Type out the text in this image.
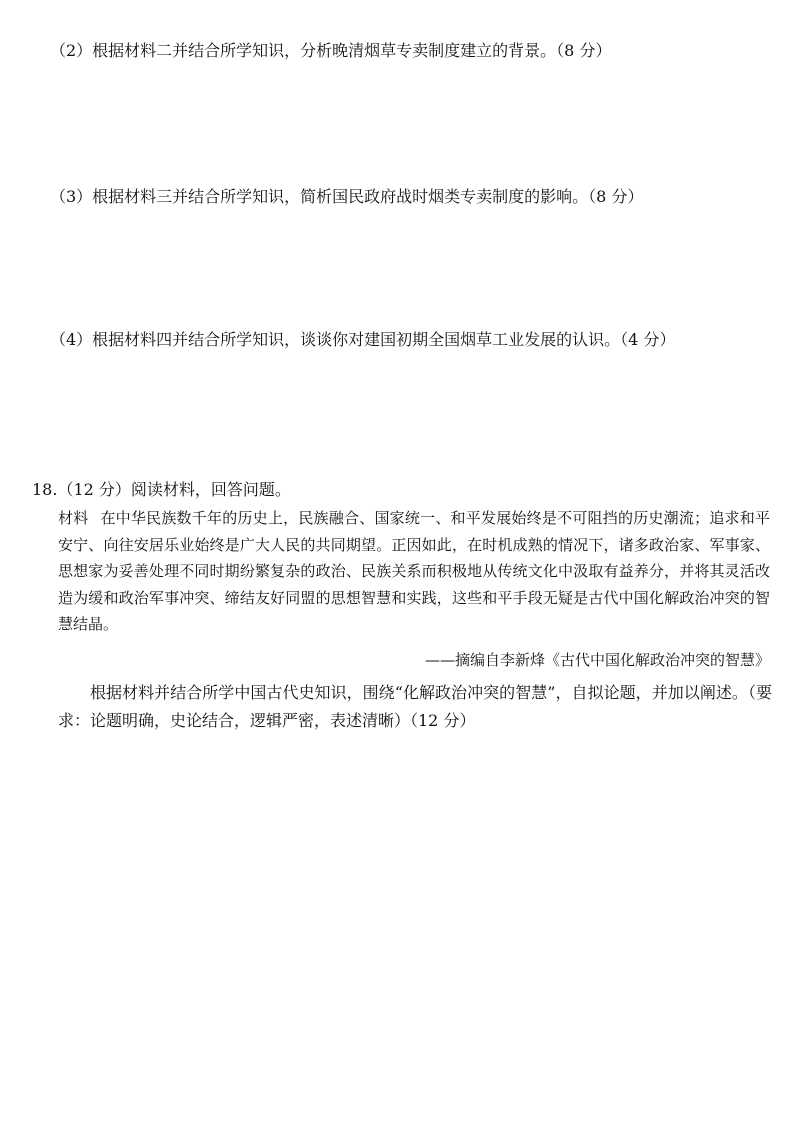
（2）根据材料二并结合所学知识，分析晚清烟草专卖制度建立的背景。（8 分）
（3）根据材料三并结合所学知识，简析国民政府战时烟类专卖制度的影响。（8 分）
（4）根据材料四并结合所学知识，谈谈你对建国初期全国烟草工业发展的认识。（4 分）
18.（12 分）阅读材料，回答问题。
材料 在中华民族数千年的历史上，民族融合、国家统一、和平发展始终是不可阻挡的历史潮流；追求和平安宁、向往安居乐业始终是广大人民的共同期望。正因如此，在时机成熟的情况下，诸多政治家、军事家、思想家为妥善处理不同时期纷繁复杂的政治、民族关系而积极地从传统文化中汲取有益养分，并将其灵活改造为缓和政治军事冲突、缔结友好同盟的思想智慧和实践，这些和平手段无疑是古代中国化解政治冲突的智慧结晶。
——摘编自李新烽《古代中国化解政治冲突的智慧》
根据材料并结合所学中国古代史知识，围绕“化解政治冲突的智慧”，自拟论题，并加以阐述。（要求：论题明确，史论结合，逻辑严密，表述清晰）（12 分）
